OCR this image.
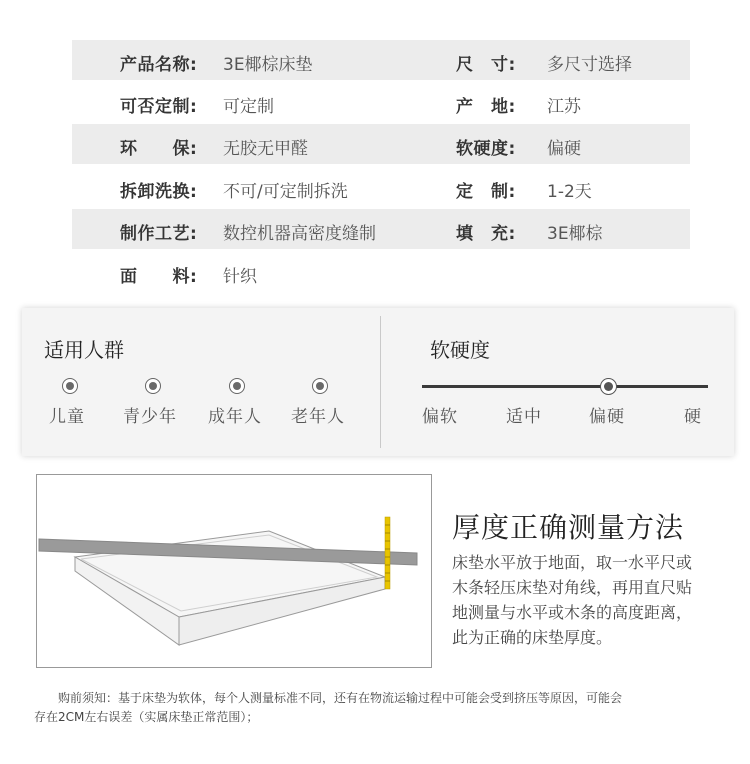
产品名称: 3E椰棕床垫	尺　寸: 多尺寸选择
可否定制: 可定制	产　地: 江苏
环　　保: 无胶无甲醛	软硬度: 偏硬
拆卸洗换: 不可/可定制拆洗	定　制: 1-2天
制作工艺: 数控机器高密度缝制	填　充: 3E椰棕
面　　料: 针织
适用人群
儿童 青少年 成年人 老年人
软硬度
偏软	适中	偏硬	硬
厚度正确测量方法
床垫水平放于地面，取一水平尺或
木条轻压床垫对角线，再用直尺贴
地测量与水平或木条的高度距离，
此为正确的床垫厚度。
购前须知：基于床垫为软体，每个人测量标准不同，还有在物流运输过程中可能会受到挤压等原因，可能会
存在2CM左右误差（实属床垫正常范围）；
